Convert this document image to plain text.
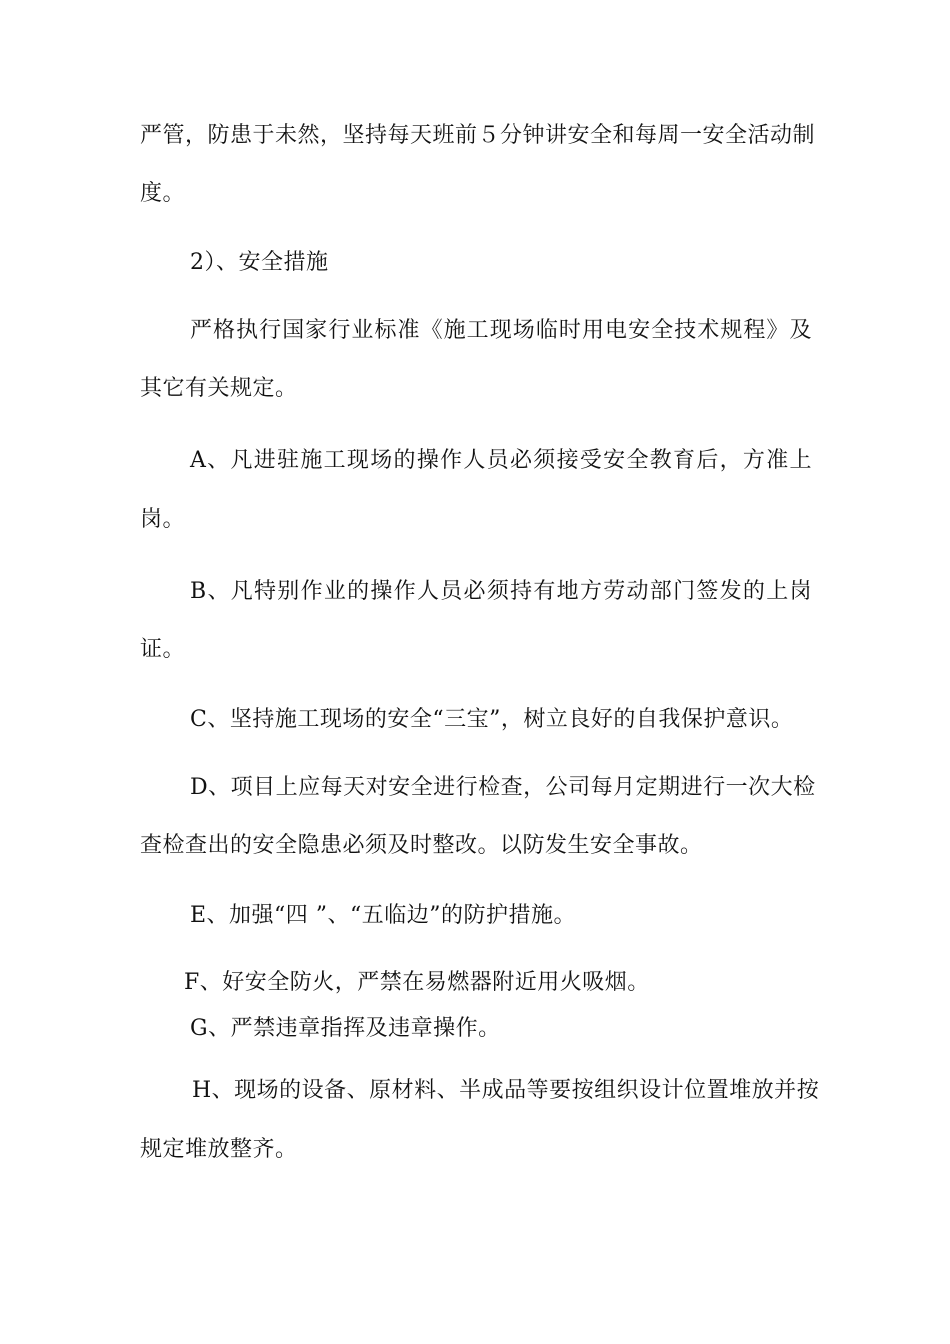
严管，防患于未然，坚持每天班前５分钟讲安全和每周一安全活动制

度。

2）、安全措施

严格执行国家行业标准《施工现场临时用电安全技术规程》及

其它有关规定。

A、凡进驻施工现场的操作人员必须接受安全教育后，方准上

岗。

B、凡特别作业的操作人员必须持有地方劳动部门签发的上岗

证。

C、坚持施工现场的安全“三宝”，树立良好的自我保护意识。

D、项目上应每天对安全进行检查，公司每月定期进行一次大检

查检查出的安全隐患必须及时整改。以防发生安全事故。

E、加强“四 ”、“五临边”的防护措施。

F、好安全防火，严禁在易燃器附近用火吸烟。

G、严禁违章指挥及违章操作。

H、现场的设备、原材料、半成品等要按组织设计位置堆放并按

规定堆放整齐。
